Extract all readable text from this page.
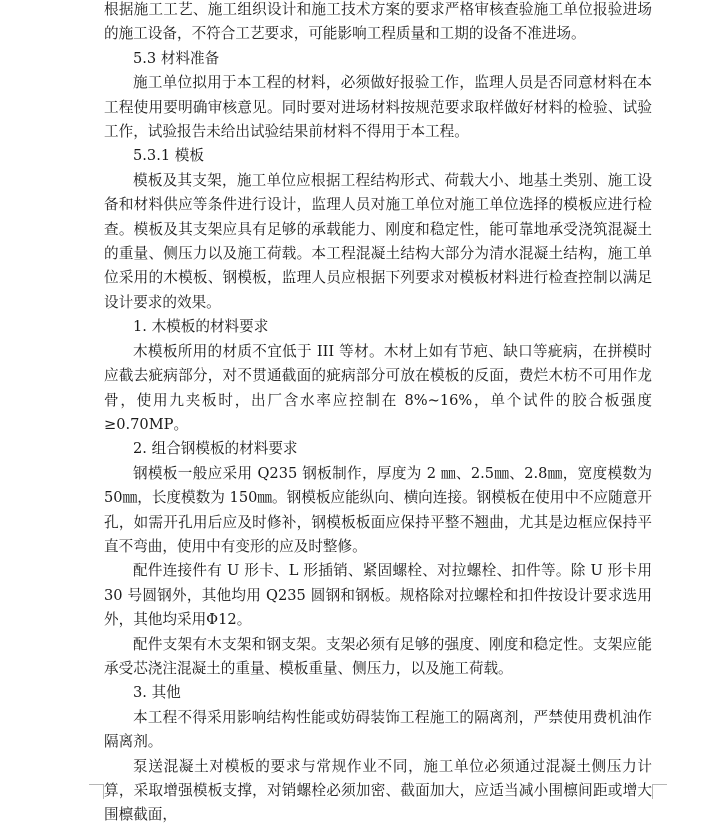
根据施工工艺、施工组织设计和施工技术方案的要求严格审核查验施工单位报验进场的施工设备，不符合工艺要求，可能影响工程质量和工期的设备不准进场。

5.3 材料准备

施工单位拟用于本工程的材料，必须做好报验工作，监理人员是否同意材料在本工程使用要明确审核意见。同时要对进场材料按规范要求取样做好材料的检验、试验工作，试验报告未给出试验结果前材料不得用于本工程。

5.3.1 模板

模板及其支架，施工单位应根据工程结构形式、荷载大小、地基土类别、施工设备和材料供应等条件进行设计，监理人员对施工单位对施工单位选择的模板应进行检查。模板及其支架应具有足够的承载能力、刚度和稳定性，能可靠地承受浇筑混凝土的重量、侧压力以及施工荷载。本工程混凝土结构大部分为清水混凝土结构，施工单位采用的木模板、钢模板，监理人员应根据下列要求对模板材料进行检查控制以满足设计要求的效果。

1. 木模板的材料要求

木模板所用的材质不宜低于 III 等材。木材上如有节疤、缺口等疵病，在拼模时应截去疵病部分，对不贯通截面的疵病部分可放在模板的反面，费烂木枋不可用作龙骨，使用九夹板时，出厂含水率应控制在 8%~16%，单个试件的胶合板强度≥0.70MP。

2. 组合钢模板的材料要求

钢模板一般应采用 Q235 钢板制作，厚度为 2 ㎜、2.5㎜、2.8㎜，宽度模数为 50㎜，长度模数为 150㎜。钢模板应能纵向、横向连接。钢模板在使用中不应随意开孔，如需开孔用后应及时修补，钢模板板面应保持平整不翘曲，尤其是边框应保持平直不弯曲，使用中有变形的应及时整修。

配件连接件有 U 形卡、L 形插销、紧固螺栓、对拉螺栓、扣件等。除 U 形卡用 30 号圆钢外，其他均用 Q235 圆钢和钢板。规格除对拉螺栓和扣件按设计要求选用外，其他均采用Φ12。

配件支架有木支架和钢支架。支架必须有足够的强度、刚度和稳定性。支架应能承受芯浇注混凝土的重量、模板重量、侧压力，以及施工荷载。

3. 其他

本工程不得采用影响结构性能或妨碍装饰工程施工的隔离剂，严禁使用费机油作隔离剂。

泵送混凝土对模板的要求与常规作业不同，施工单位必须通过混凝土侧压力计算，采取增强模板支撑，对销螺栓必须加密、截面加大，应适当减小围檩间距或增大围檩截面，
